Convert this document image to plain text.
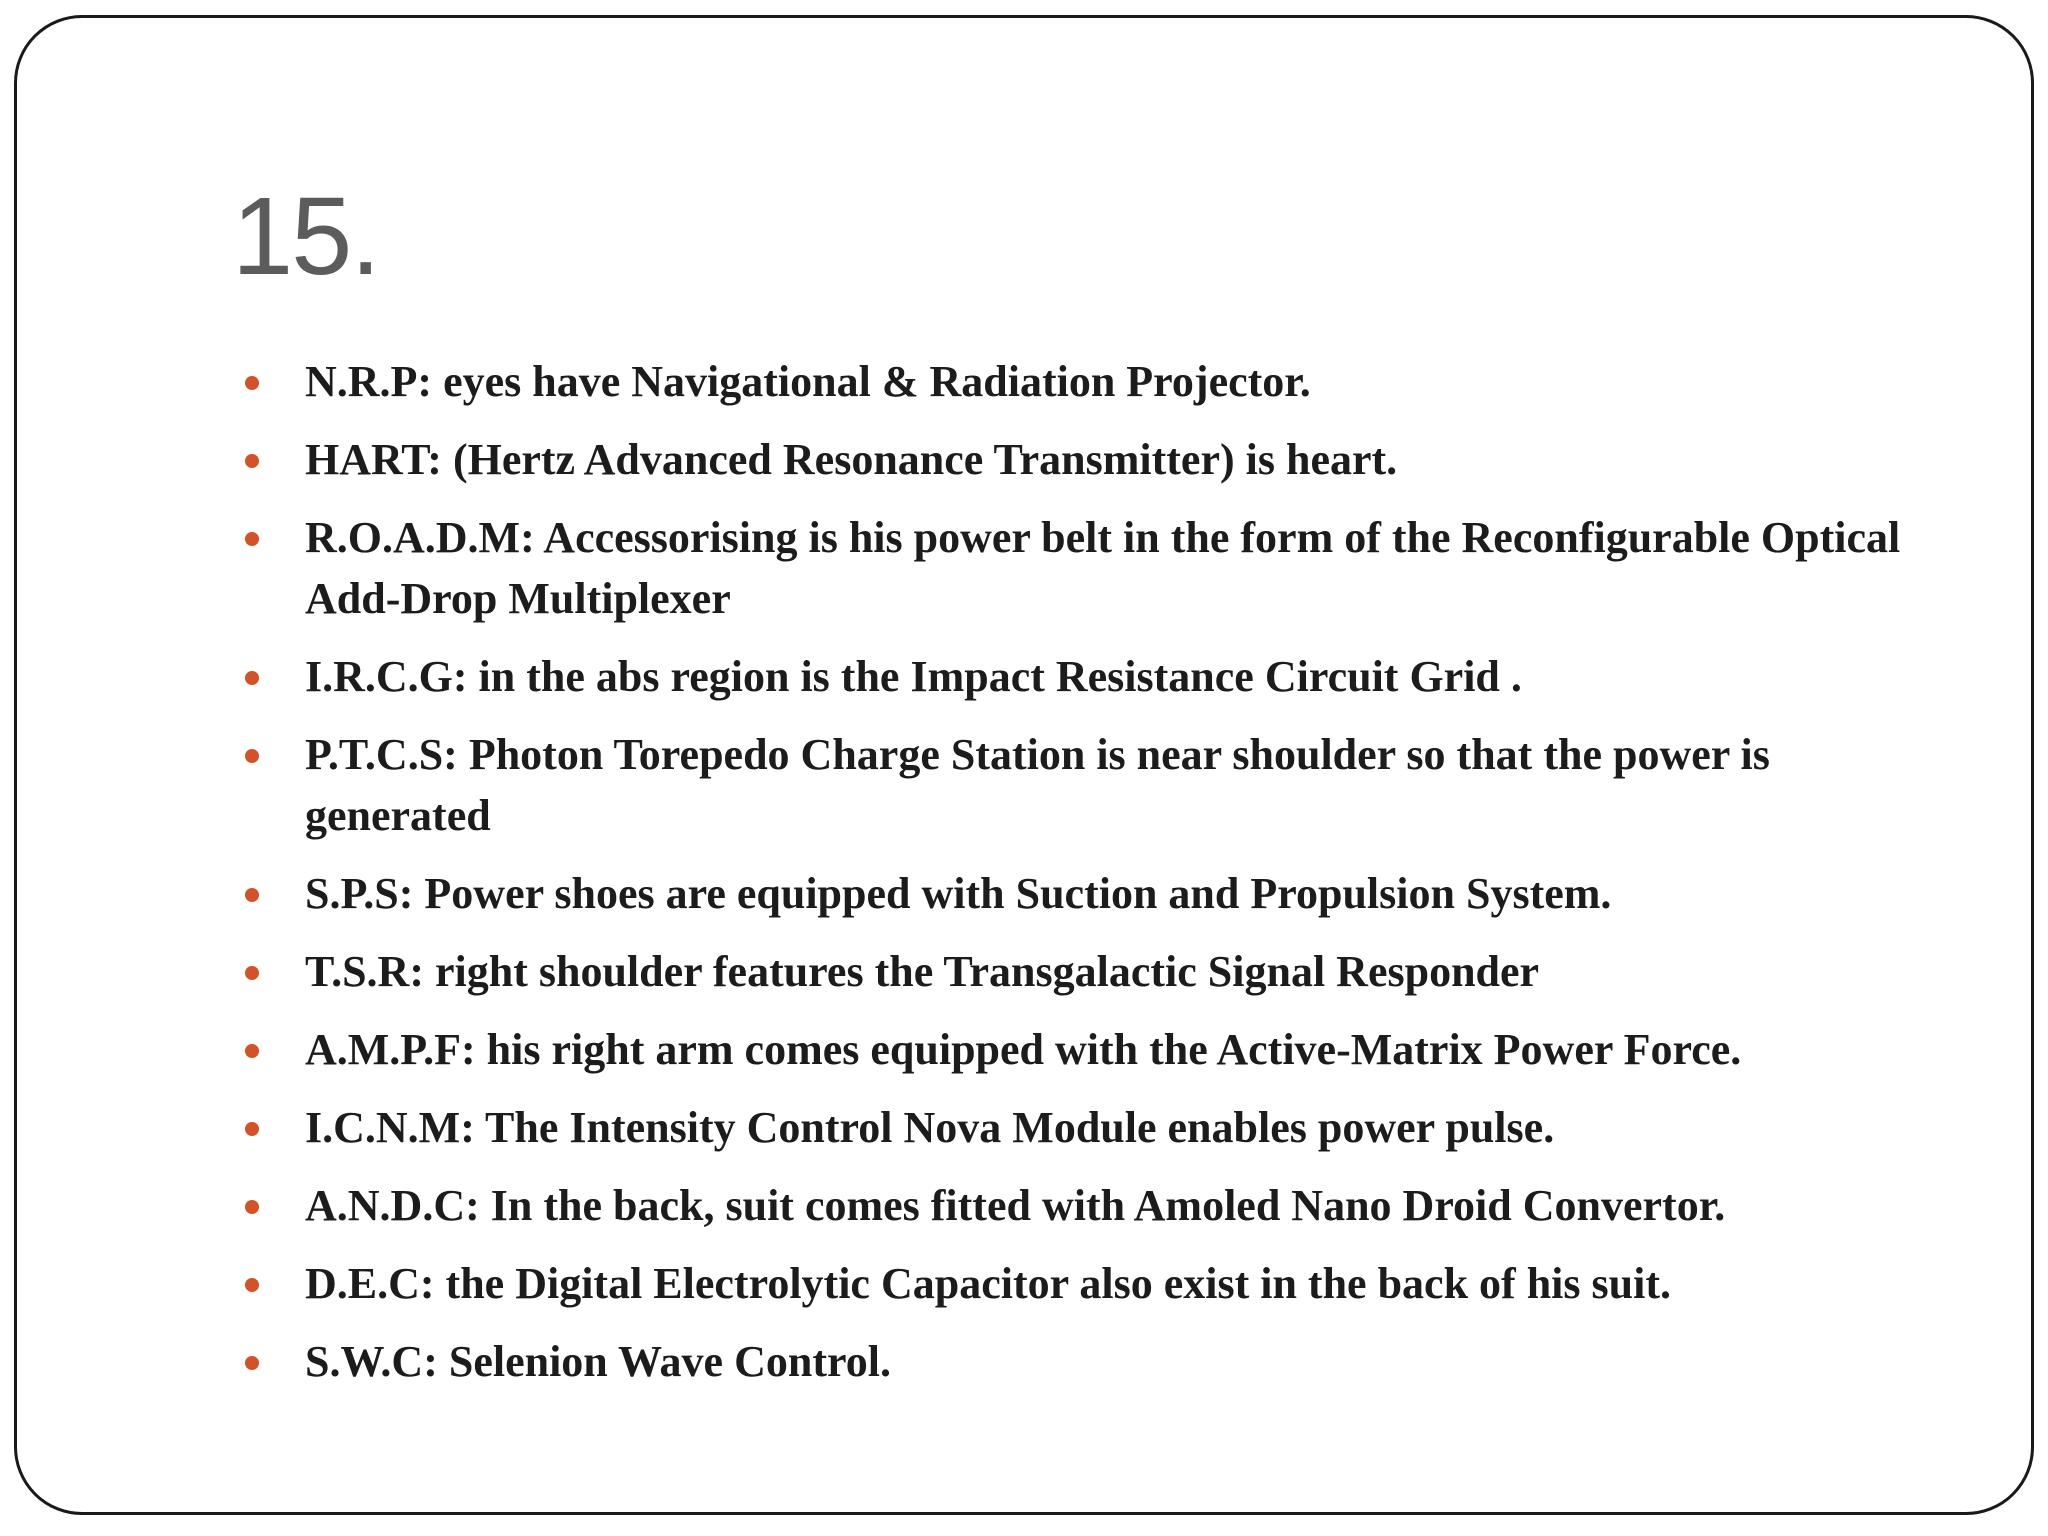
15.
N.R.P: eyes have Navigational & Radiation Projector.
HART: (Hertz Advanced Resonance Transmitter) is heart.
R.O.A.D.M: Accessorising is his power belt in the form of the Reconfigurable Optical Add-Drop Multiplexer
I.R.C.G: in the abs region is the Impact Resistance Circuit Grid .
P.T.C.S: Photon Torepedo Charge Station is near shoulder so that the power is generated
S.P.S: Power shoes are equipped with Suction and Propulsion System.
T.S.R: right shoulder features the Transgalactic Signal Responder
A.M.P.F: his right arm comes equipped with the Active-Matrix Power Force.
I.C.N.M: The Intensity Control Nova Module enables power pulse.
A.N.D.C: In the back, suit comes fitted with Amoled Nano Droid Convertor.
D.E.C: the Digital Electrolytic Capacitor also exist in the back of his suit.
S.W.C: Selenion Wave Control.
